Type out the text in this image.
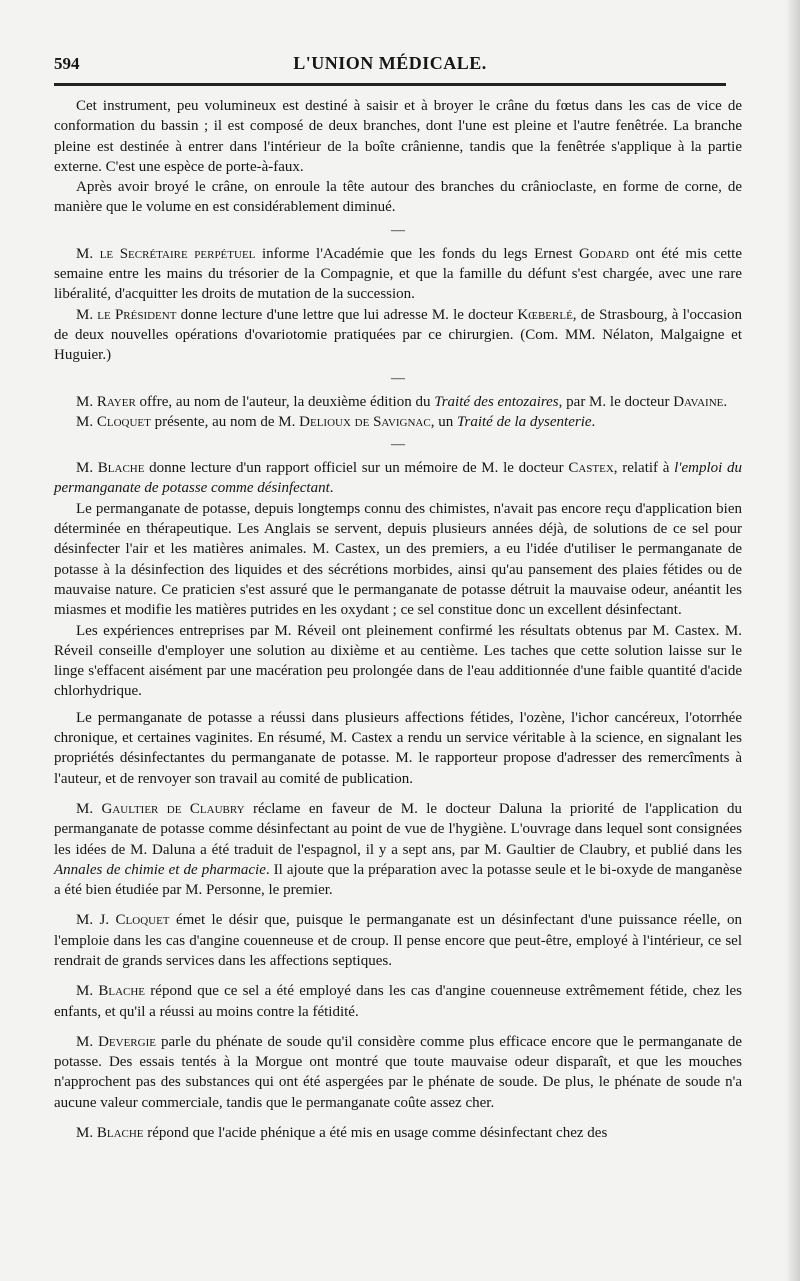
594	L'UNION MÉDICALE.

Cet instrument, peu volumineux est destiné à saisir et à broyer le crâne du fœtus dans les cas de vice de conformation du bassin ; il est composé de deux branches, dont l'une est pleine et l'autre fenêtrée. La branche pleine est destinée à entrer dans l'intérieur de la boîte crânienne, tandis que la fenêtrée s'applique à la partie externe. C'est une espèce de porte-à-faux.

Après avoir broyé le crâne, on enroule la tête autour des branches du crânioclaste, en forme de corne, de manière que le volume en est considérablement diminué.

—

M. le Secrétaire perpétuel informe l'Académie que les fonds du legs Ernest Godard ont été mis cette semaine entre les mains du trésorier de la Compagnie, et que la famille du défunt s'est chargée, avec une rare libéralité, d'acquitter les droits de mutation de la succession.

M. le Président donne lecture d'une lettre que lui adresse M. le docteur Kœberlé, de Strasbourg, à l'occasion de deux nouvelles opérations d'ovariotomie pratiquées par ce chirurgien. (Com. MM. Nélaton, Malgaigne et Huguier.)

—

M. Rayer offre, au nom de l'auteur, la deuxième édition du Traité des entozaires, par M. le docteur Davaine.

M. Cloquet présente, au nom de M. Delioux de Savignac, un Traité de la dysenterie.

—

M. Blache donne lecture d'un rapport officiel sur un mémoire de M. le docteur Castex, relatif à l'emploi du permanganate de potasse comme désinfectant.

Le permanganate de potasse, depuis longtemps connu des chimistes, n'avait pas encore reçu d'application bien déterminée en thérapeutique. Les Anglais se servent, depuis plusieurs années déjà, de solutions de ce sel pour désinfecter l'air et les matières animales. M. Castex, un des premiers, a eu l'idée d'utiliser le permanganate de potasse à la désinfection des liquides et des sécrétions morbides, ainsi qu'au pansement des plaies fétides ou de mauvaise nature. Ce praticien s'est assuré que le permanganate de potasse détruit la mauvaise odeur, anéantit les miasmes et modifie les matières putrides en les oxydant ; ce sel constitue donc un excellent désinfectant.

Les expériences entreprises par M. Réveil ont pleinement confirmé les résultats obtenus par M. Castex. M. Réveil conseille d'employer une solution au dixième et au centième. Les taches que cette solution laisse sur le linge s'effacent aisément par une macération peu prolongée dans de l'eau additionnée d'une faible quantité d'acide chlorhydrique.

Le permanganate de potasse a réussi dans plusieurs affections fétides, l'ozène, l'ichor cancéreux, l'otorrhée chronique, et certaines vaginites. En résumé, M. Castex a rendu un service véritable à la science, en signalant les propriétés désinfectantes du permanganate de potasse. M. le rapporteur propose d'adresser des remercîments à l'auteur, et de renvoyer son travail au comité de publication.

M. Gaultier de Claubry réclame en faveur de M. le docteur Daluna la priorité de l'application du permanganate de potasse comme désinfectant au point de vue de l'hygiène. L'ouvrage dans lequel sont consignées les idées de M. Daluna a été traduit de l'espagnol, il y a sept ans, par M. Gaultier de Claubry, et publié dans les Annales de chimie et de pharmacie. Il ajoute que la préparation avec la potasse seule et le bi-oxyde de manganèse a été bien étudiée par M. Personne, le premier.

M. J. Cloquet émet le désir que, puisque le permanganate est un désinfectant d'une puissance réelle, on l'emploie dans les cas d'angine couenneuse et de croup. Il pense encore que peut-être, employé à l'intérieur, ce sel rendrait de grands services dans les affections septiques.

M. Blache répond que ce sel a été employé dans les cas d'angine couenneuse extrêmement fétide, chez les enfants, et qu'il a réussi au moins contre la fétidité.

M. Devergie parle du phénate de soude qu'il considère comme plus efficace encore que le permanganate de potasse. Des essais tentés à la Morgue ont montré que toute mauvaise odeur disparaît, et que les mouches n'approchent pas des substances qui ont été aspergées par le phénate de soude. De plus, le phénate de soude n'a aucune valeur commerciale, tandis que le permanganate coûte assez cher.

M. Blache répond que l'acide phénique a été mis en usage comme désinfectant chez des
